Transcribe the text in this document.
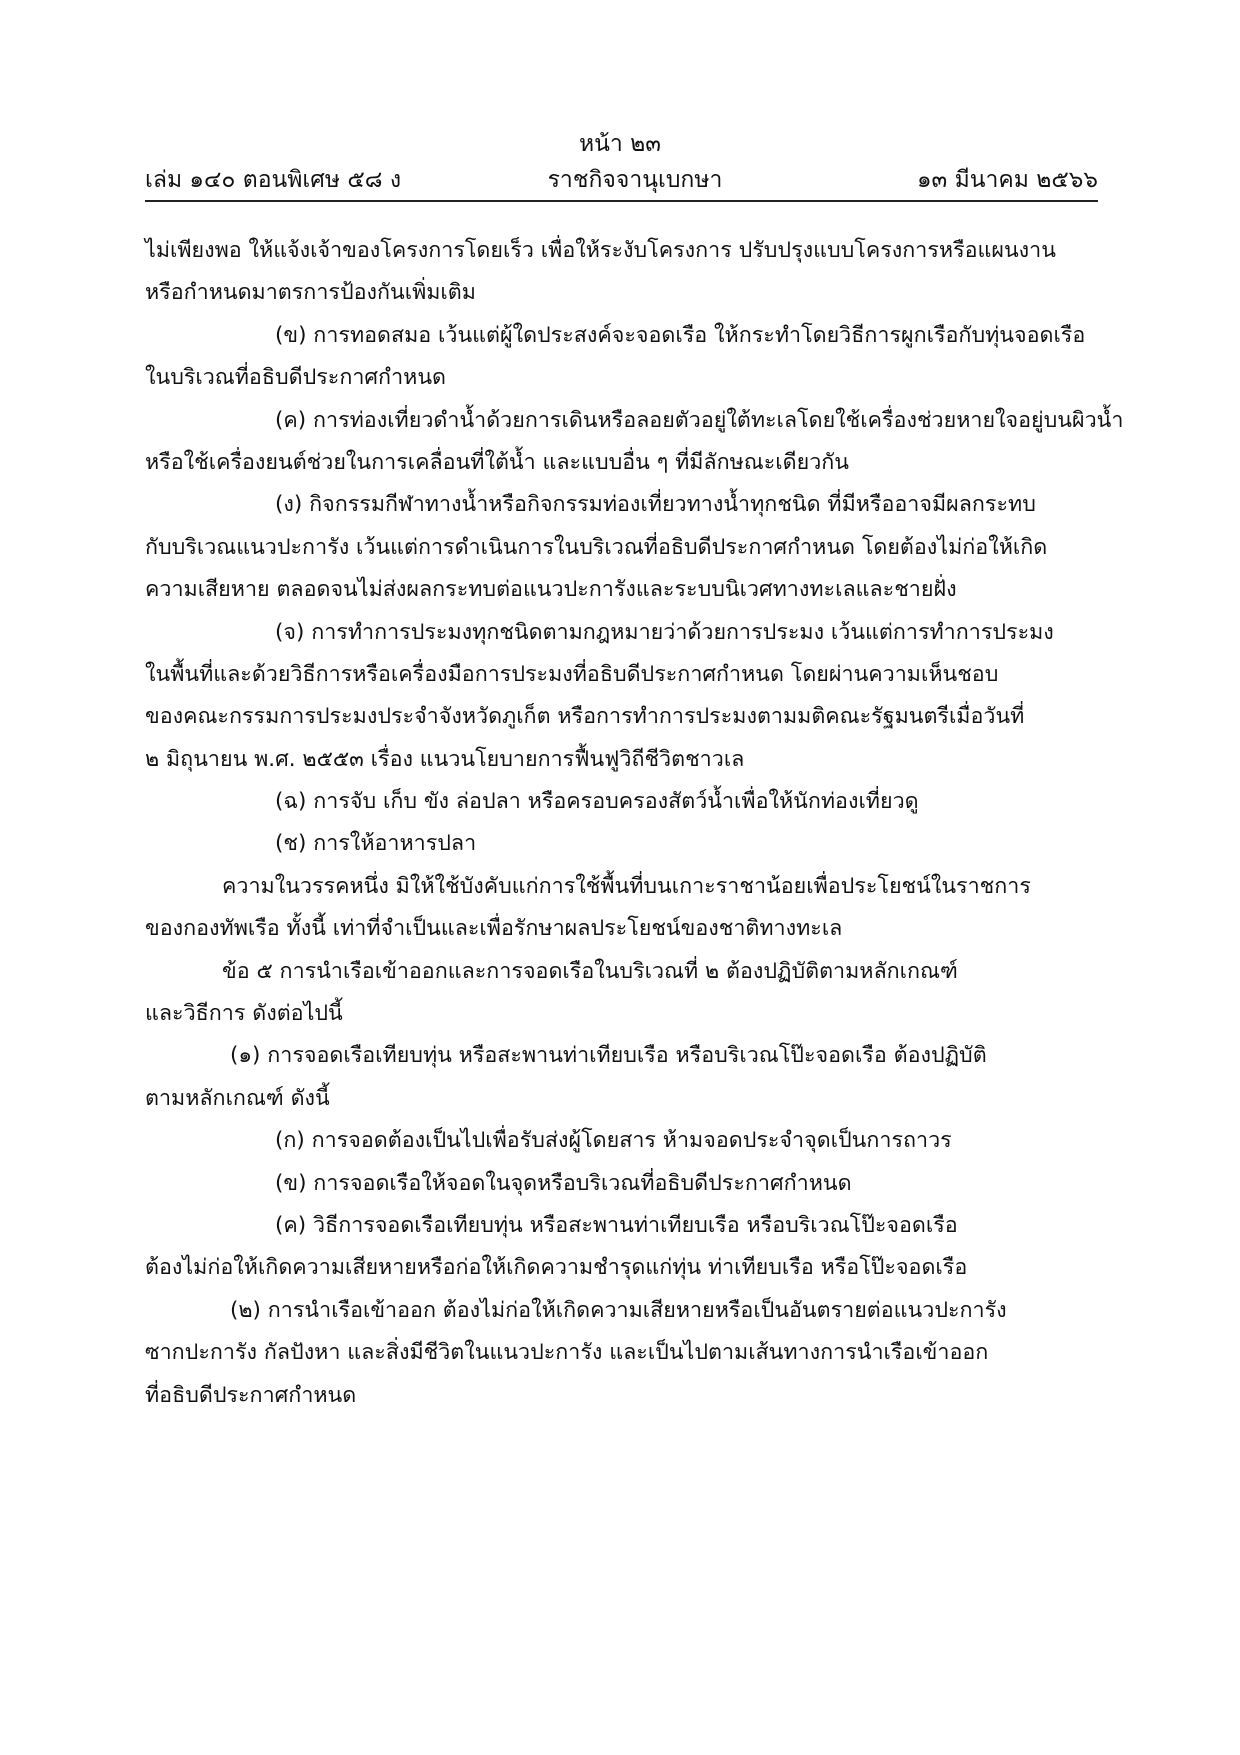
หน้า ๒๓
เล่ม ๑๔๐ ตอนพิเศษ ๕๘ ง	ราชกิจจานุเบกษา	๑๓ มีนาคม ๒๕๖๖
ไม่เพียงพอ ให้แจ้งเจ้าของโครงการโดยเร็ว เพื่อให้ระงับโครงการ ปรับปรุงแบบโครงการหรือแผนงาน
หรือกำหนดมาตรการป้องกันเพิ่มเติม
(ข) การทอดสมอ เว้นแต่ผู้ใดประสงค์จะจอดเรือ ให้กระทำโดยวิธีการผูกเรือกับทุ่นจอดเรือ
ในบริเวณที่อธิบดีประกาศกำหนด
(ค) การท่องเที่ยวดำน้ำด้วยการเดินหรือลอยตัวอยู่ใต้ทะเลโดยใช้เครื่องช่วยหายใจอยู่บนผิวน้ำ
หรือใช้เครื่องยนต์ช่วยในการเคลื่อนที่ใต้น้ำ และแบบอื่น ๆ ที่มีลักษณะเดียวกัน
(ง) กิจกรรมกีฬาทางน้ำหรือกิจกรรมท่องเที่ยวทางน้ำทุกชนิด ที่มีหรืออาจมีผลกระทบ
กับบริเวณแนวปะการัง เว้นแต่การดำเนินการในบริเวณที่อธิบดีประกาศกำหนด โดยต้องไม่ก่อให้เกิด
ความเสียหาย ตลอดจนไม่ส่งผลกระทบต่อแนวปะการังและระบบนิเวศทางทะเลและชายฝั่ง
(จ) การทำการประมงทุกชนิดตามกฎหมายว่าด้วยการประมง เว้นแต่การทำการประมง
ในพื้นที่และด้วยวิธีการหรือเครื่องมือการประมงที่อธิบดีประกาศกำหนด โดยผ่านความเห็นชอบ
ของคณะกรรมการประมงประจำจังหวัดภูเก็ต หรือการทำการประมงตามมติคณะรัฐมนตรีเมื่อวันที่
๒ มิถุนายน พ.ศ. ๒๕๕๓ เรื่อง แนวนโยบายการฟื้นฟูวิถีชีวิตชาวเล
(ฉ) การจับ เก็บ ขัง ล่อปลา หรือครอบครองสัตว์น้ำเพื่อให้นักท่องเที่ยวดู
(ช) การให้อาหารปลา
ความในวรรคหนึ่ง มิให้ใช้บังคับแก่การใช้พื้นที่บนเกาะราชาน้อยเพื่อประโยชน์ในราชการ
ของกองทัพเรือ ทั้งนี้ เท่าที่จำเป็นและเพื่อรักษาผลประโยชน์ของชาติทางทะเล
ข้อ ๕ การนำเรือเข้าออกและการจอดเรือในบริเวณที่ ๒ ต้องปฏิบัติตามหลักเกณฑ์
และวิธีการ ดังต่อไปนี้
(๑) การจอดเรือเทียบทุ่น หรือสะพานท่าเทียบเรือ หรือบริเวณโป๊ะจอดเรือ ต้องปฏิบัติ
ตามหลักเกณฑ์ ดังนี้
(ก) การจอดต้องเป็นไปเพื่อรับส่งผู้โดยสาร ห้ามจอดประจำจุดเป็นการถาวร
(ข) การจอดเรือให้จอดในจุดหรือบริเวณที่อธิบดีประกาศกำหนด
(ค) วิธีการจอดเรือเทียบทุ่น หรือสะพานท่าเทียบเรือ หรือบริเวณโป๊ะจอดเรือ
ต้องไม่ก่อให้เกิดความเสียหายหรือก่อให้เกิดความชำรุดแก่ทุ่น ท่าเทียบเรือ หรือโป๊ะจอดเรือ
(๒) การนำเรือเข้าออก ต้องไม่ก่อให้เกิดความเสียหายหรือเป็นอันตรายต่อแนวปะการัง
ซากปะการัง กัลปังหา และสิ่งมีชีวิตในแนวปะการัง และเป็นไปตามเส้นทางการนำเรือเข้าออก
ที่อธิบดีประกาศกำหนด
